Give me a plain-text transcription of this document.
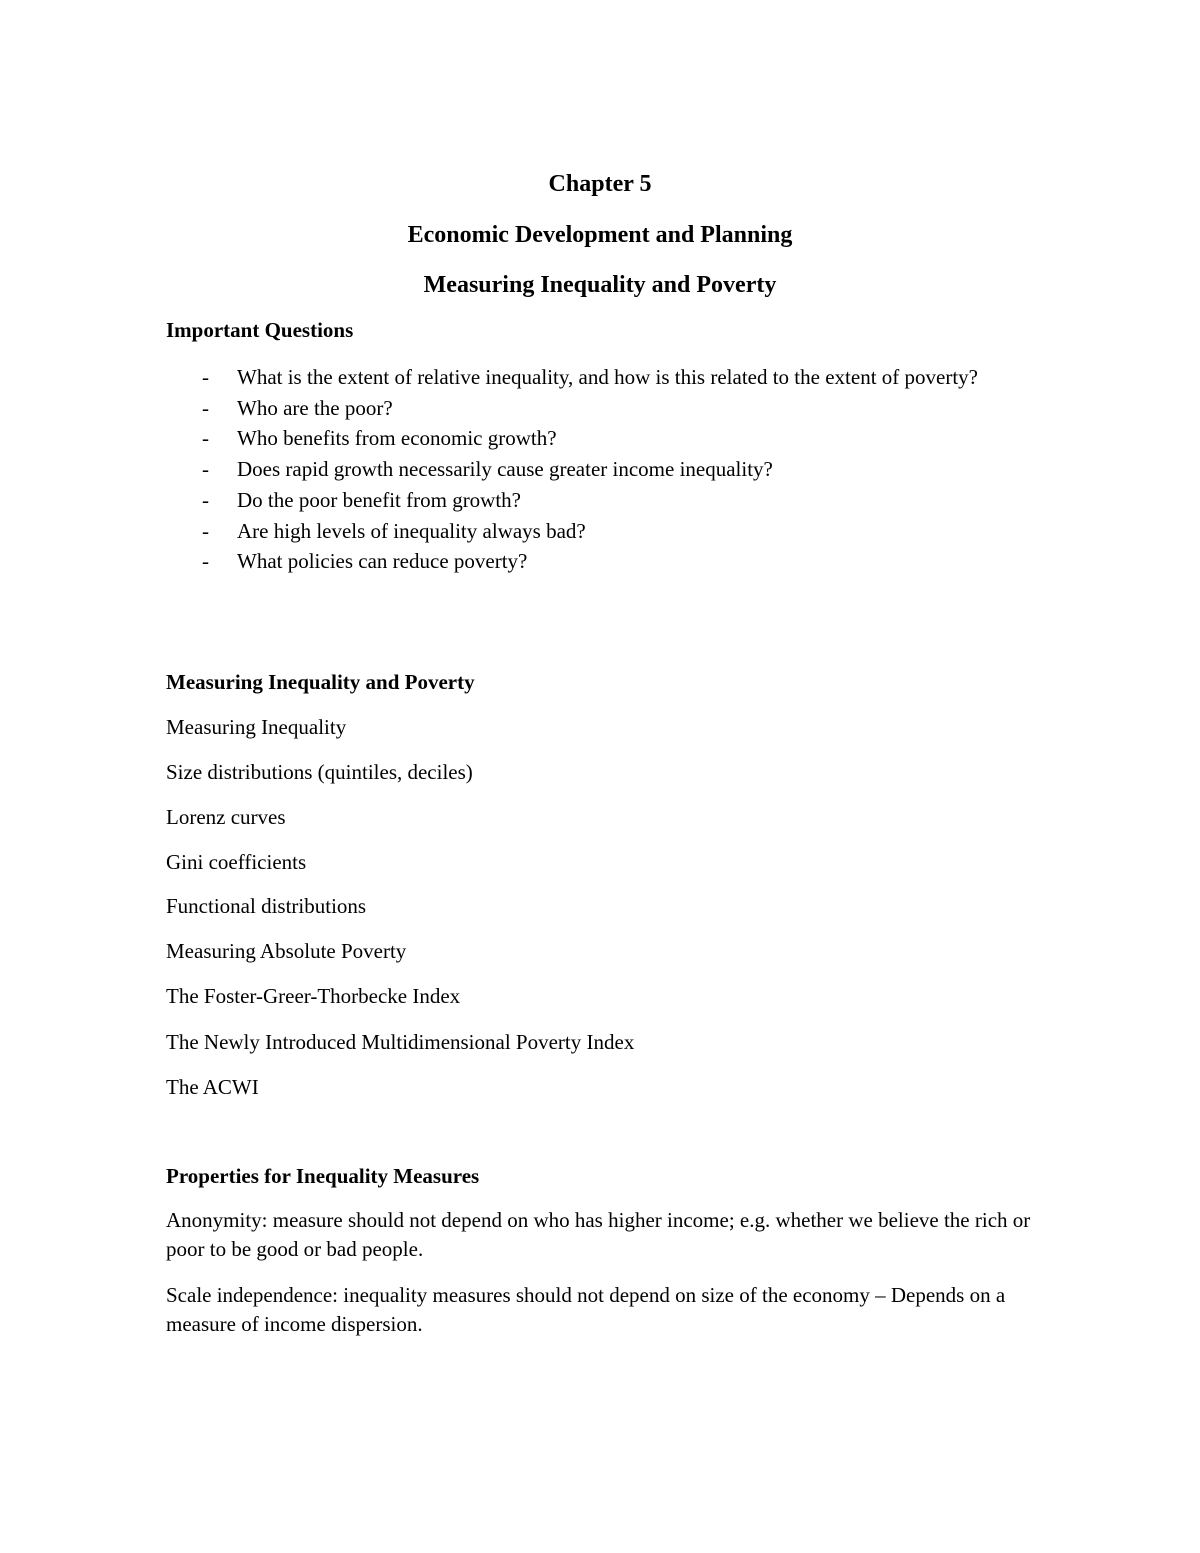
Chapter 5
Economic Development and Planning
Measuring Inequality and Poverty
Important Questions
- What is the extent of relative inequality, and how is this related to the extent of poverty?
- Who are the poor?
- Who benefits from economic growth?
- Does rapid growth necessarily cause greater income inequality?
- Do the poor benefit from growth?
- Are high levels of inequality always bad?
- What policies can reduce poverty?
Measuring Inequality and Poverty

Measuring Inequality

Size distributions (quintiles, deciles)

Lorenz curves

Gini coefficients

Functional distributions

Measuring Absolute Poverty

The Foster-Greer-Thorbecke Index

The Newly Introduced Multidimensional Poverty Index

The ACWI

Properties for Inequality Measures

Anonymity: measure should not depend on who has higher income; e.g. whether we believe the rich or poor to be good or bad people.

Scale independence: inequality measures should not depend on size of the economy – Depends on a measure of income dispersion.
